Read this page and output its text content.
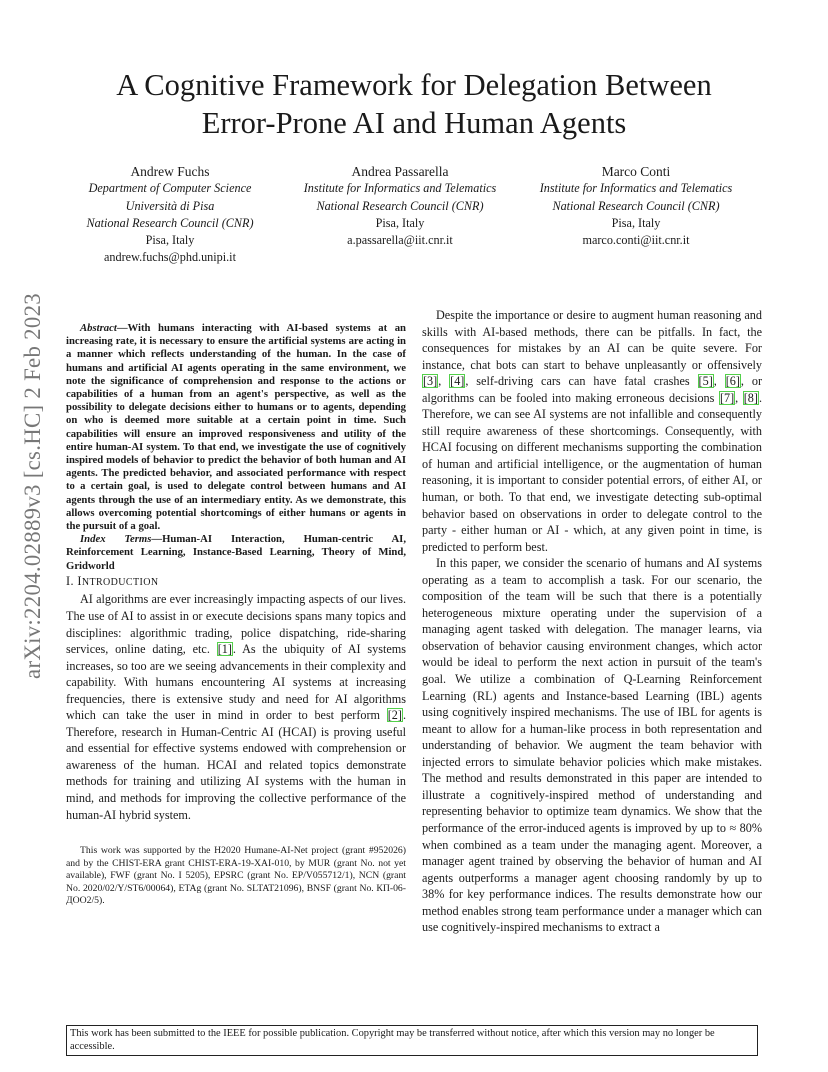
arXiv:2204.02889v3 [cs.HC] 2 Feb 2023
A Cognitive Framework for Delegation Between
Error-Prone AI and Human Agents
Andrew Fuchs
Department of Computer Science
Università di Pisa
National Research Council (CNR)
Pisa, Italy
andrew.fuchs@phd.unipi.it
Andrea Passarella
Institute for Informatics and Telematics
National Research Council (CNR)
Pisa, Italy
a.passarella@iit.cnr.it
Marco Conti
Institute for Informatics and Telematics
National Research Council (CNR)
Pisa, Italy
marco.conti@iit.cnr.it

Abstract—With humans interacting with AI-based systems at an increasing rate, it is necessary to ensure the artificial systems are acting in a manner which reflects understanding of the human. In the case of humans and artificial AI agents operating in the same environment, we note the significance of comprehension and response to the actions or capabilities of a human from an agent's perspective, as well as the possibility to delegate decisions either to humans or to agents, depending on who is deemed more suitable at a certain point in time. Such capabilities will ensure an improved responsiveness and utility of the entire human-AI system. To that end, we investigate the use of cognitively inspired models of behavior to predict the behavior of both human and AI agents. The predicted behavior, and associated performance with respect to a certain goal, is used to delegate control between humans and AI agents through the use of an intermediary entity. As we demonstrate, this allows overcoming potential shortcomings of either humans or agents in the pursuit of a goal.

Index Terms—Human-AI Interaction, Human-centric AI, Reinforcement Learning, Instance-Based Learning, Theory of Mind, Gridworld

I. INTRODUCTION

AI algorithms are ever increasingly impacting aspects of our lives. The use of AI to assist in or execute decisions spans many topics and disciplines: algorithmic trading, police dispatching, ride-sharing services, online dating, etc. [1]. As the ubiquity of AI systems increases, so too are we seeing advancements in their complexity and capability. With humans encountering AI systems at increasing frequencies, there is extensive study and need for AI algorithms which can take the user in mind in order to best perform [2]. Therefore, research in Human-Centric AI (HCAI) is proving useful and essential for effective systems endowed with comprehension or awareness of the human. HCAI and related topics demonstrate methods for training and utilizing AI systems with the human in mind, and methods for improving the collective performance of the human-AI hybrid system.

This work was supported by the H2020 Humane-AI-Net project (grant #952026) and by the CHIST-ERA grant CHIST-ERA-19-XAI-010, by MUR (grant No. not yet available), FWF (grant No. I 5205), EPSRC (grant No. EP/V055712/1), NCN (grant No. 2020/02/Y/ST6/00064), ETAg (grant No. SLTAT21096), BNSF (grant No. КП-06-ДОО2/5).

Despite the importance or desire to augment human reasoning and skills with AI-based methods, there can be pitfalls. In fact, the consequences for mistakes by an AI can be quite severe. For instance, chat bots can start to behave unpleasantly or offensively [3], [4], self-driving cars can have fatal crashes [5], [6], or algorithms can be fooled into making erroneous decisions [7], [8]. Therefore, we can see AI systems are not infallible and consequently still require awareness of these shortcomings. Consequently, with HCAI focusing on different mechanisms supporting the combination of human and artificial intelligence, or the augmentation of human reasoning, it is important to consider potential errors, of either AI, or human, or both. To that end, we investigate detecting sub-optimal behavior based on observations in order to delegate control to the party - either human or AI - which, at any given point in time, is predicted to perform best.

In this paper, we consider the scenario of humans and AI systems operating as a team to accomplish a task. For our scenario, the composition of the team will be such that there is a potentially heterogeneous mixture operating under the supervision of a managing agent tasked with delegation. The manager learns, via observation of behavior causing environment changes, which actor would be ideal to perform the next action in pursuit of the team's goal. We utilize a combination of Q-Learning Reinforcement Learning (RL) agents and Instance-based Learning (IBL) agents using cognitively inspired mechanisms. The use of IBL for agents is meant to allow for a human-like process in both representation and understanding of behavior. We augment the team behavior with injected errors to simulate behavior policies which make mistakes. The method and results demonstrated in this paper are intended to illustrate a cognitively-inspired method of understanding and representing behavior to optimize team dynamics. We show that the performance of the error-induced agents is improved by up to ≈ 80% when combined as a team under the managing agent. Moreover, a manager agent trained by observing the behavior of human and AI agents outperforms a manager agent choosing randomly by up to 38% for key performance indices. The results demonstrate how our method enables strong team performance under a manager which can use cognitively-inspired mechanisms to extract a

This work has been submitted to the IEEE for possible publication. Copyright may be transferred without notice, after which this version may no longer be accessible.
